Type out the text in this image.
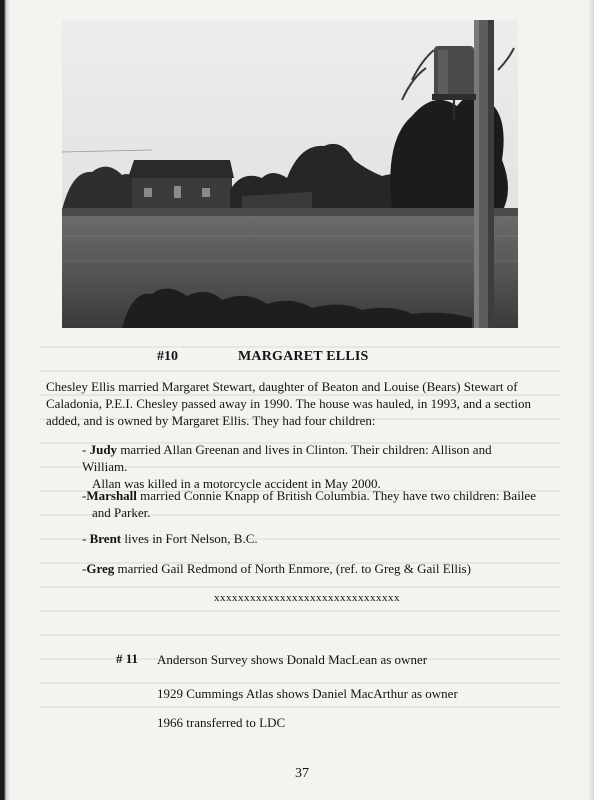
#10	MARGARET ELLIS

Chesley Ellis married Margaret Stewart, daughter of Beaton and Louise (Bears) Stewart of Caladonia, P.E.I. Chesley passed away in 1990. The house was hauled, in 1993, and a section added, and is owned by Margaret Ellis. They had four children:

- Judy married Allan Greenan and lives in Clinton. Their children: Allison and William.
Allan was killed in a motorcycle accident in May 2000.

-Marshall married Connie Knapp of British Columbia. They have two children: Bailee
and Parker.

- Brent lives in Fort Nelson, B.C.

-Greg married Gail Redmond of North Enmore, (ref. to Greg & Gail Ellis)

xxxxxxxxxxxxxxxxxxxxxxxxxxxxxxx
# 11 Anderson Survey shows Donald MacLean as owner
1929 Cummings Atlas shows Daniel MacArthur as owner
1966 transferred to LDC
37
